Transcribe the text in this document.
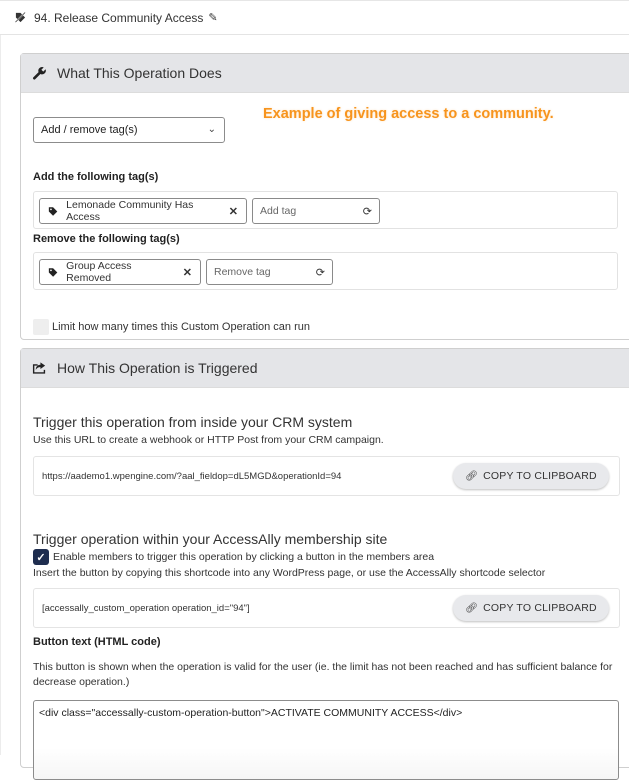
94. Release Community Access ✎
What This Operation Does
Add / remove tag(s)	⌄
Example of giving access to a community.
Add the following tag(s)
Lemonade Community Has Access	✕ Add tag	⟳
Remove the following tag(s)
Group Access Removed	✕ Remove tag	⟳
Limit how many times this Custom Operation can run
How This Operation is Triggered
Trigger this operation from inside your CRM system
Use this URL to create a webhook or HTTP Post from your CRM campaign.
https://aademo1.wpengine.com/?aal_fieldop=dL5MGD&operationId=94	🔗︎ COPY TO CLIPBOARD
Trigger operation within your AccessAlly membership site
✓ Enable members to trigger this operation by clicking a button in the members area
Insert the button by copying this shortcode into any WordPress page, or use the AccessAlly shortcode selector
[accessally_custom_operation operation_id="94"]	🔗︎ COPY TO CLIPBOARD
Button text (HTML code)
This button is shown when the operation is valid for the user (ie. the limit has not been reached and has sufficient balance for decrease operation.)
<div class="accessally-custom-operation-button">ACTIVATE COMMUNITY ACCESS</div>
